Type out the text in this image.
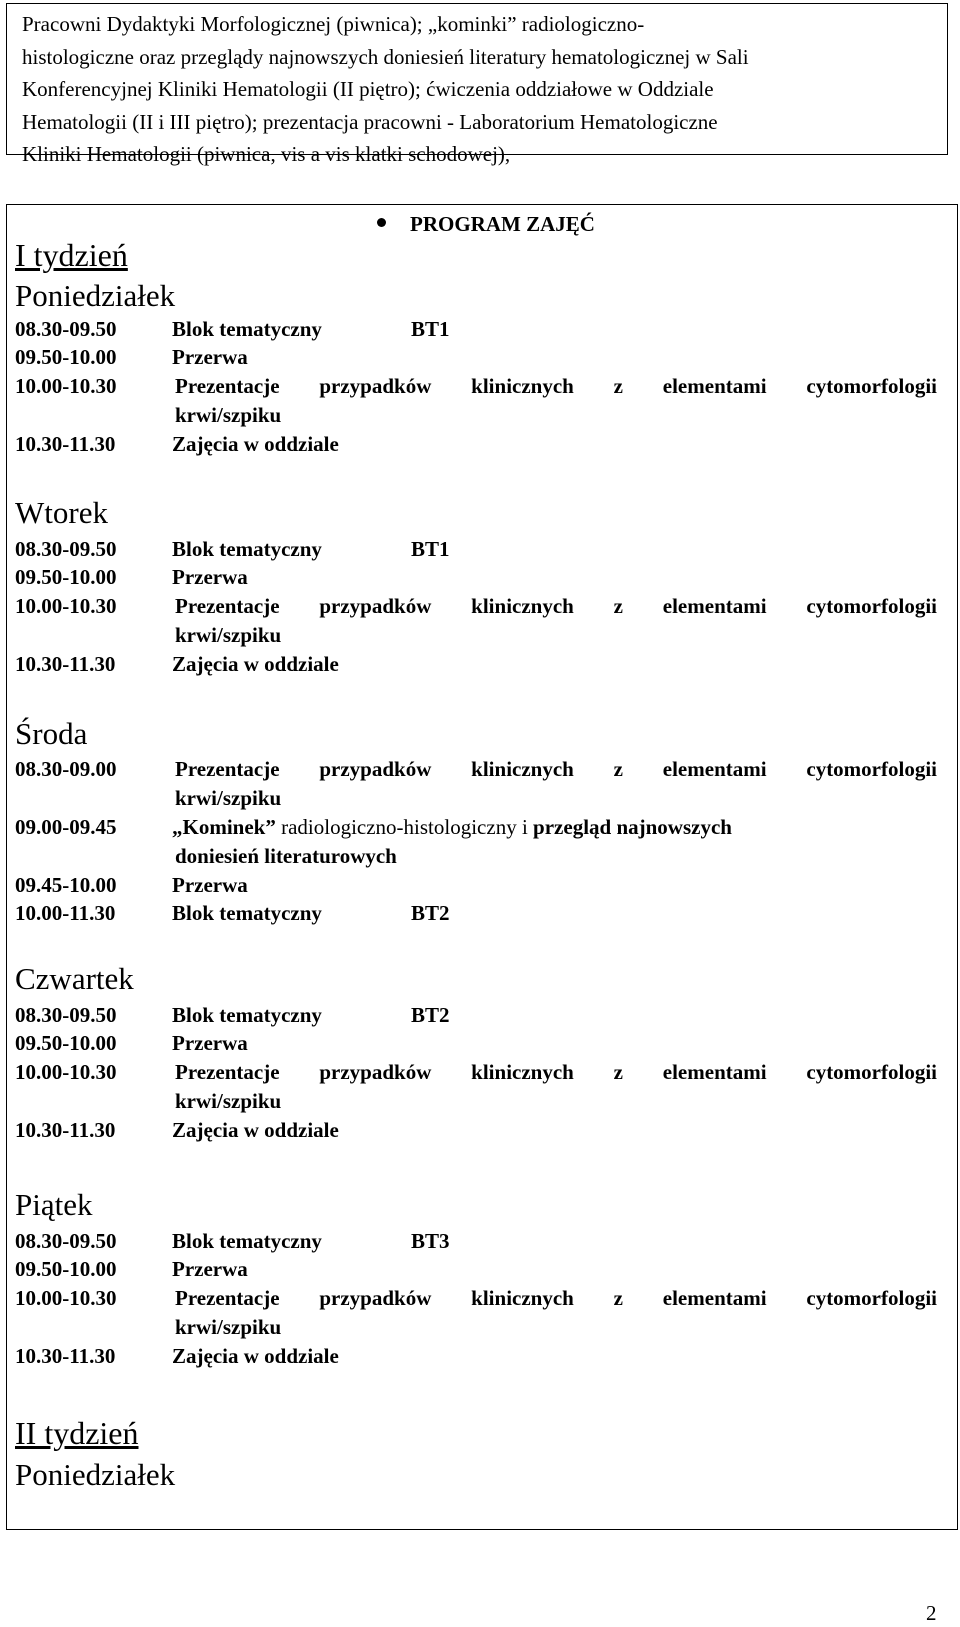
Pracowni Dydaktyki Morfologicznej (piwnica); „kominki” radiologiczno-
histologiczne oraz przeglądy najnowszych doniesień literatury hematologicznej w Sali
Konferencyjnej Kliniki Hematologii (II piętro); ćwiczenia oddziałowe w Oddziale
Hematologii (II i III piętro); prezentacja pracowni - Laboratorium Hematologiczne
Kliniki Hematologii (piwnica, vis a vis klatki schodowej),
PROGRAM ZAJĘĆ
I tydzień
Poniedziałek
08.30-09.50	Blok tematyczny	BT1
09.50-10.00	Przerwa
10.00-10.30	Prezentacje przypadków klinicznych z elementami cytomorfologii
krwi/szpiku
10.30-11.30	Zajęcia w oddziale
Wtorek
08.30-09.50	Blok tematyczny	BT1
09.50-10.00	Przerwa
10.00-10.30	Prezentacje przypadków klinicznych z elementami cytomorfologii
krwi/szpiku
10.30-11.30	Zajęcia w oddziale
Środa
08.30-09.00	Prezentacje przypadków klinicznych z elementami cytomorfologii
krwi/szpiku
09.00-09.45	„Kominek” radiologiczno-histologiczny i przegląd najnowszych
doniesień literaturowych
09.45-10.00	Przerwa
10.00-11.30	Blok tematyczny	BT2
Czwartek
08.30-09.50	Blok tematyczny	BT2
09.50-10.00	Przerwa
10.00-10.30	Prezentacje przypadków klinicznych z elementami cytomorfologii
krwi/szpiku
10.30-11.30	Zajęcia w oddziale
Piątek
08.30-09.50	Blok tematyczny	BT3
09.50-10.00	Przerwa
10.00-10.30	Prezentacje przypadków klinicznych z elementami cytomorfologii
krwi/szpiku
10.30-11.30	Zajęcia w oddziale
II tydzień
Poniedziałek
2
